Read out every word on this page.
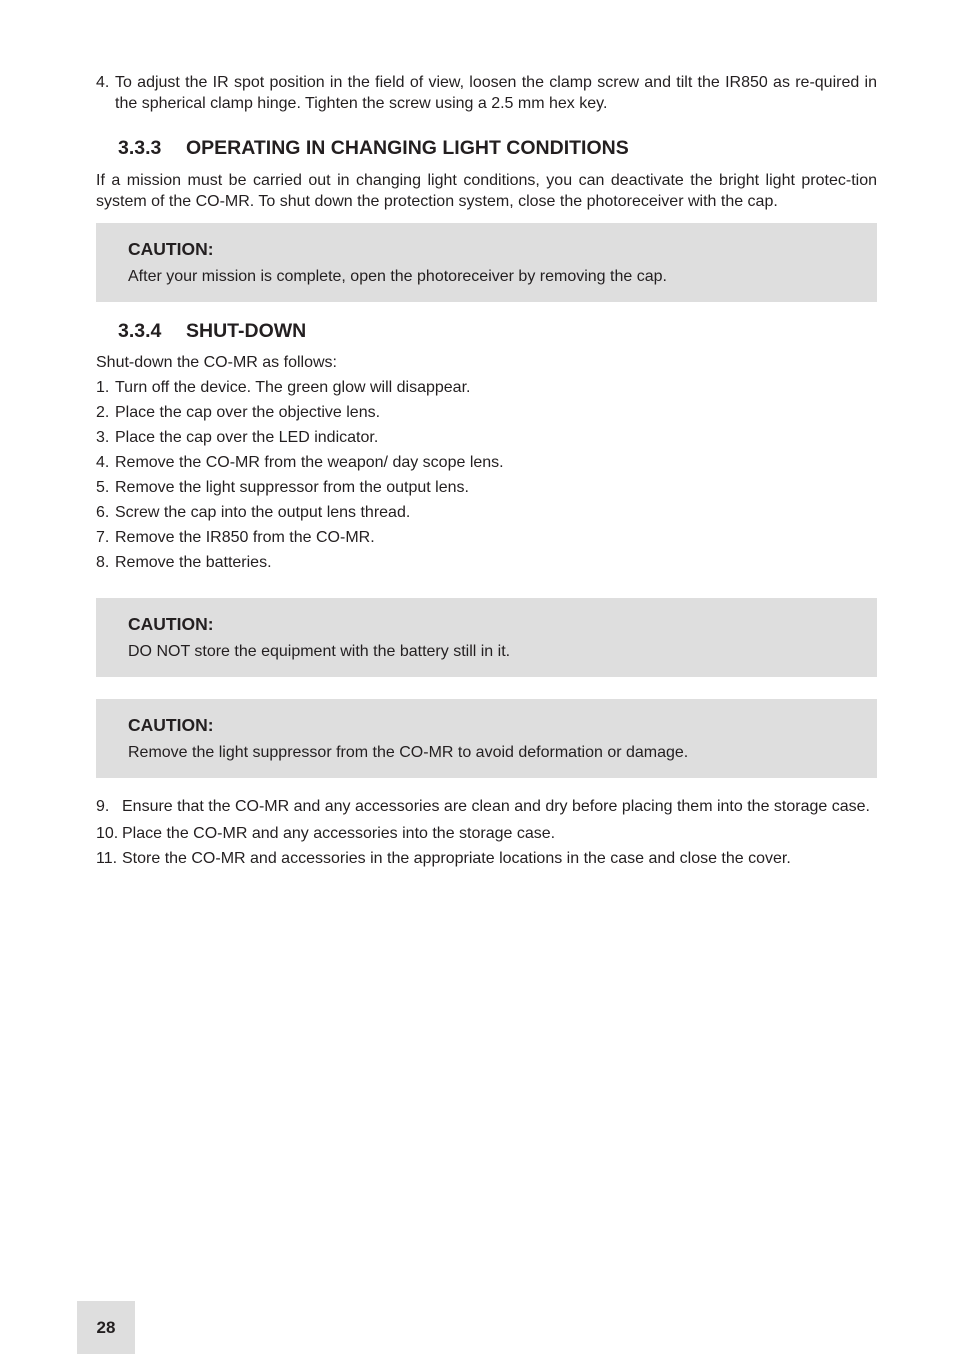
4. To adjust the IR spot position in the field of view, loosen the clamp screw and tilt the IR850 as re-quired in the spherical clamp hinge. Tighten the screw using a 2.5 mm hex key.
3.3.3 OPERATING IN CHANGING LIGHT CONDITIONS

If a mission must be carried out in changing light conditions, you can deactivate the bright light protec-tion system of the CO-MR. To shut down the protection system, close the photoreceiver with the cap.

CAUTION:
After your mission is complete, open the photoreceiver by removing the cap.
3.3.4 SHUT-DOWN

Shut-down the CO-MR as follows:

1. Turn off the device. The green glow will disappear.
2. Place the cap over the objective lens.
3. Place the cap over the LED indicator.
4. Remove the CO-MR from the weapon/ day scope lens.
5. Remove the light suppressor from the output lens.
6. Screw the cap into the output lens thread.
7. Remove the IR850 from the CO-MR.
8. Remove the batteries.
CAUTION:
DO NOT store the equipment with the battery still in it.
CAUTION:
Remove the light suppressor from the CO-MR to avoid deformation or damage.
9. Ensure that the CO-MR and any accessories are clean and dry before placing them into the storage case.
10. Place the CO-MR and any accessories into the storage case.
11. Store the CO-MR and accessories in the appropriate locations in the case and close the cover.
28
